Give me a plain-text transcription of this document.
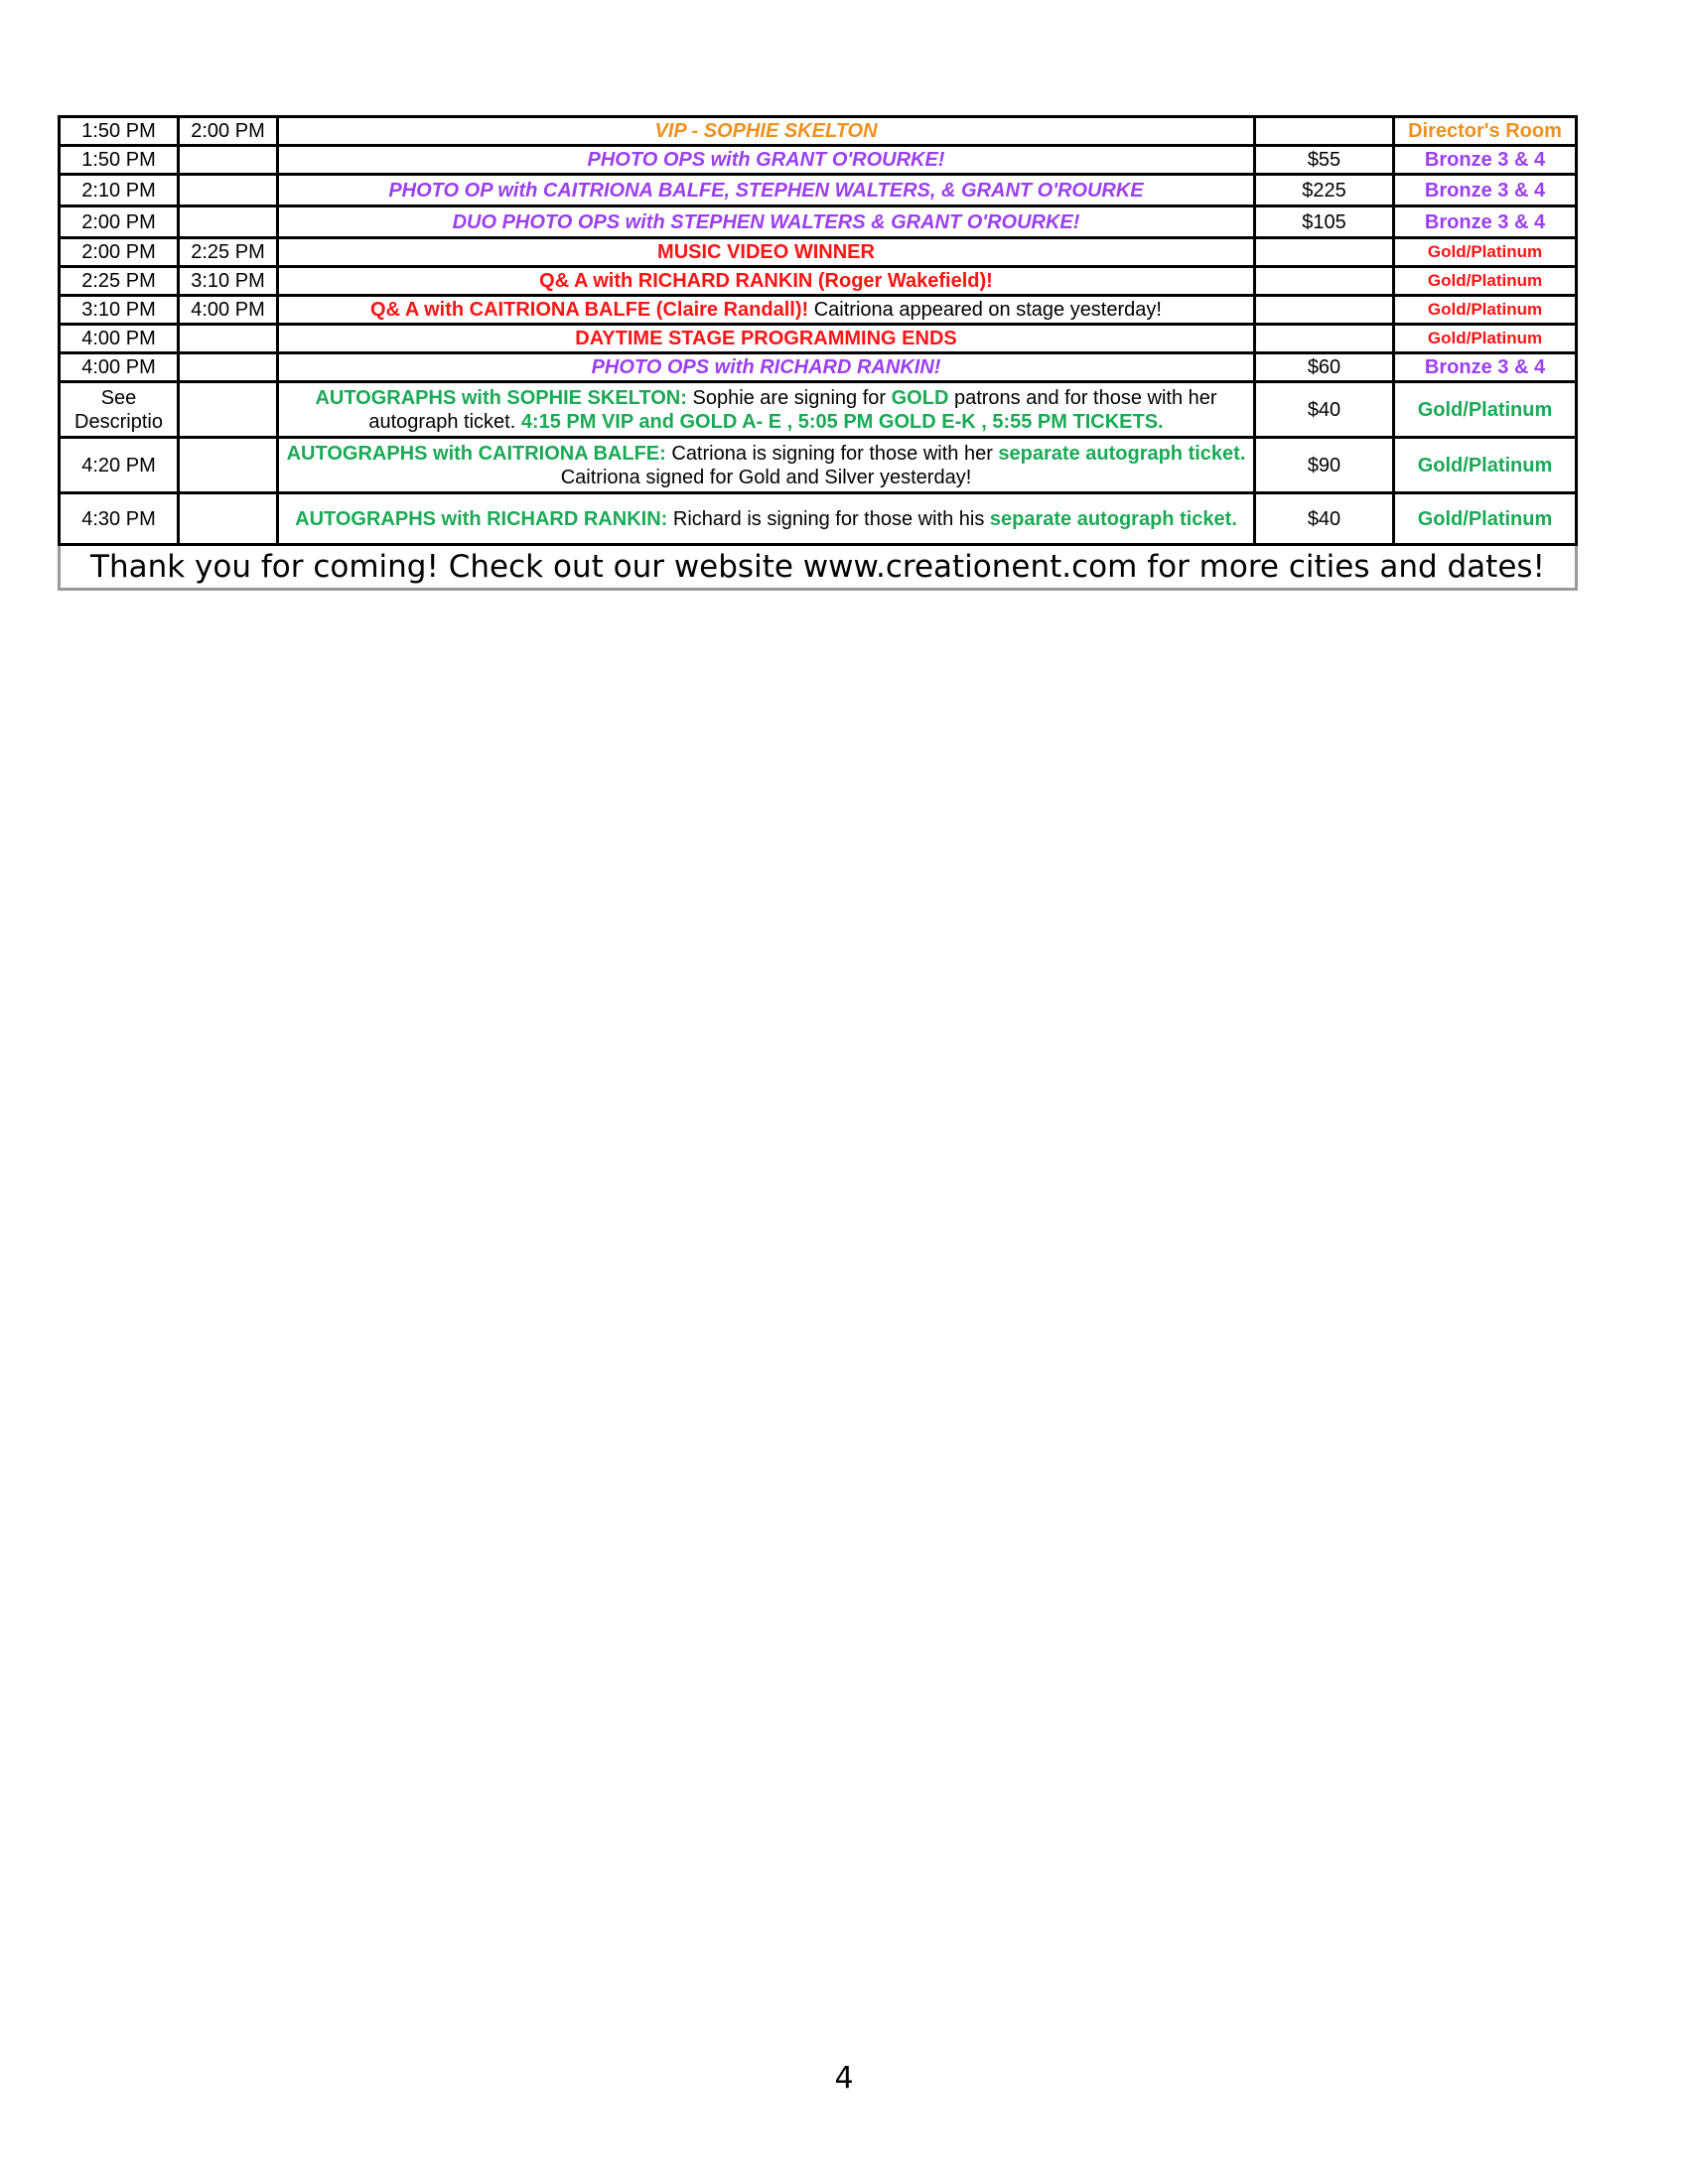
1:50 PM	2:00 PM	VIP - SOPHIE SKELTON		Director's Room
1:50 PM		PHOTO OPS with GRANT O'ROURKE!	$55	Bronze 3 & 4
2:10 PM		PHOTO OP with CAITRIONA BALFE, STEPHEN WALTERS, & GRANT O'ROURKE	$225	Bronze 3 & 4
2:00 PM		DUO PHOTO OPS with STEPHEN WALTERS & GRANT O'ROURKE!	$105	Bronze 3 & 4
2:00 PM	2:25 PM	MUSIC VIDEO WINNER		Gold/Platinum
2:25 PM	3:10 PM	Q& A with RICHARD RANKIN (Roger Wakefield)!		Gold/Platinum
3:10 PM	4:00 PM	Q& A with CAITRIONA BALFE (Claire Randall)! Caitriona appeared on stage yesterday!		Gold/Platinum
4:00 PM		DAYTIME STAGE PROGRAMMING ENDS		Gold/Platinum
4:00 PM		PHOTO OPS with RICHARD RANKIN!	$60	Bronze 3 & 4
See Descriptio		AUTOGRAPHS with SOPHIE SKELTON: Sophie are signing for GOLD patrons and for those with her autograph ticket. 4:15 PM VIP and GOLD A- E , 5:05 PM GOLD E-K , 5:55 PM TICKETS.	$40	Gold/Platinum
4:20 PM		AUTOGRAPHS with CAITRIONA BALFE: Catriona is signing for those with her separate autograph ticket. Caitriona signed for Gold and Silver yesterday!	$90	Gold/Platinum
4:30 PM		AUTOGRAPHS with RICHARD RANKIN: Richard is signing for those with his separate autograph ticket.	$40	Gold/Platinum
Thank you for coming! Check out our website www.creationent.com for more cities and dates!				
4
